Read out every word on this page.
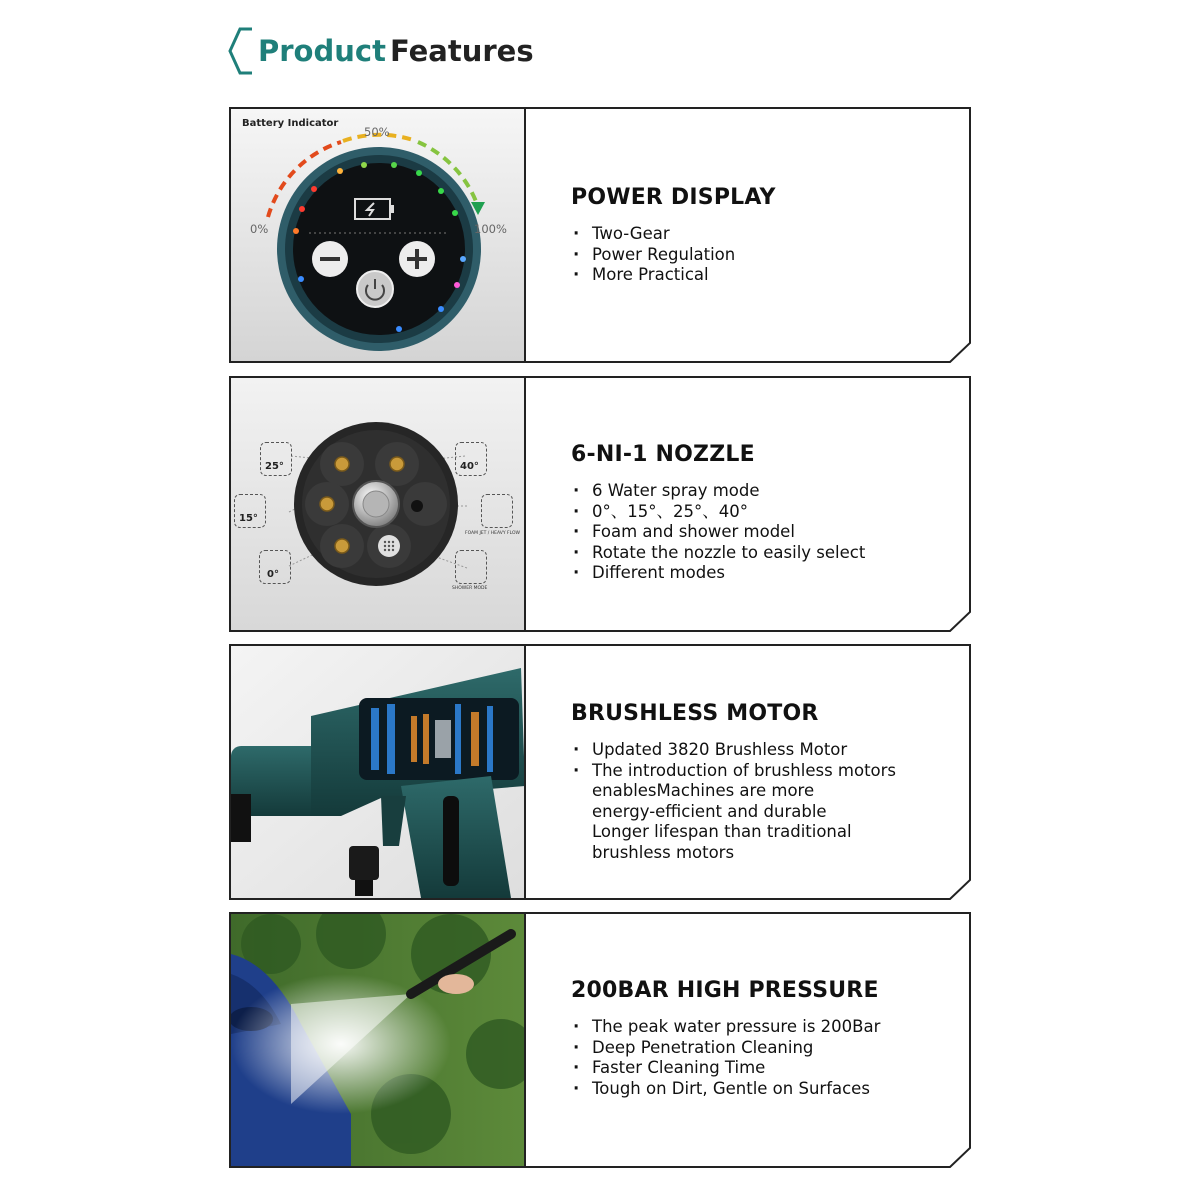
Product Features
Battery Indicator
50%
0%	100%
POWER DISPLAY
· Two-Gear
· Power Regulation
· More Practical
25°	40°
15°
0°
FOAM JET / HEAVY FLOW
SHOWER MODE
6-NI-1 NOZZLE
· 6 Water spray mode
· 0°、15°、25°、40°
· Foam and shower model
· Rotate the nozzle to easily select
· Different modes
BRUSHLESS MOTOR
· Updated 3820 Brushless Motor
· The introduction of brushless motors
enablesMachines are more
energy-efficient and durable
Longer lifespan than traditional
brushless motors
200BAR HIGH PRESSURE
· The peak water pressure is 200Bar
· Deep Penetration Cleaning
· Faster Cleaning Time
· Tough on Dirt, Gentle on Surfaces
